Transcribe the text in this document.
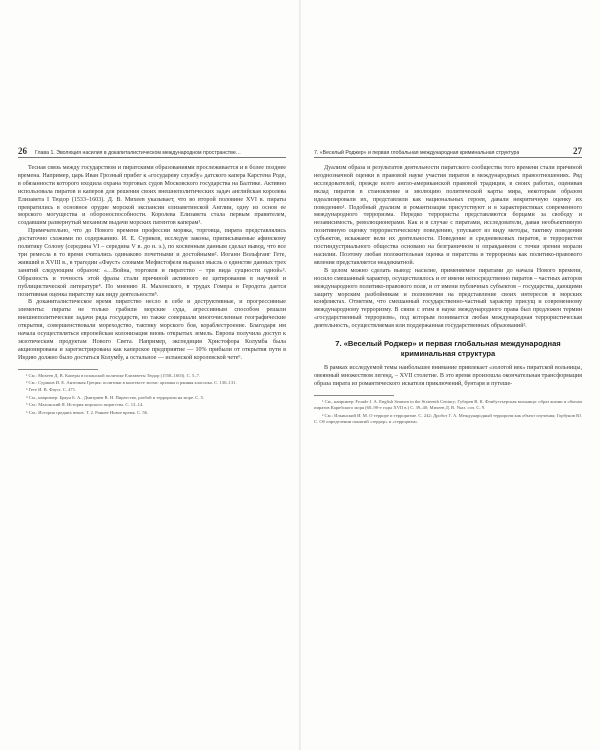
26 Глава 1. Эволюция насилия в докапиталистическом международном пространстве…

Тесная связь между государством и пиратскими образованиями прослеживается и в более позднее времена. Например, царь Иван Грозный прибег к «государеву службу» датского капера Карстена Роде, в обязанности которого входила охрана торговых судов Московского государства на Балтике. Активно использовала пиратов и каперов для решения своих внешнеполитических задач английская королева Елизавета I Тюдор (1533–1603). Д. В. Михеев указывает, что во второй половине XVI в. пираты превратились в основное орудие морской экспансии елизаветинской Англии, одну из основ ее морского могущества и обороноспособности. Королева Елизавета стала первым правителем, создавшим развернутый механизм выдачи морских патентов каперам¹.

Примечательно, что до Нового времени профессии моряка, торговца, пирата представлялись достаточно схожими по содержанию. И. Е. Суриков, исследуя законы, приписываемые афинскому политику Солону (середина VI – середина V в. до н. э.), по косвенным данным сделал вывод, что все три ремесла в то время считались одинаково почетными и достойными². Иоганн Вольфганг Гете, живший в XVIII в., в трагедии «Фауст» словами Мефистофеля выразил мысль о единстве данных трех занятий следующим образом: «…Война, торговля и пиратство – три вида сущности одной»³. Образность и точность этой фразы стали причиной активного ее цитирования в научной и публицистической литературе⁴. По мнению Я. Махонского, в трудах Гомера и Геродота дается позитивная оценка пиратству как виду деятельности⁵.

В доканиталистическое время пиратство несло в себе и деструктивные, и прогрессивные элементы: пираты не только грабили морские суда, агрессивным способом решали внешнеполитические задачи ряда государств, но также совершали многочисленные географические открытия, совершенствовали мореходство, тактику морского боя, кораблестроение. Благодаря им начала осуществляться европейская колонизация вновь открытых земель. Европа получила доступ к экзотическим продуктам Нового Света. Например, экспедиция Христофора Колумба была акционирована и зарегистрирована как каперское предприятие — 10% прибыли от открытия пути в Индию должно было достаться Колумбу, а остальное — испанской королевской чете⁶.

¹ См.: Михеев Д. В. Каперы в испанской политике Елизаветы Тюдор (1558–1603). С. 5–7.

² См.: Суриков И. Е. Античная Греция: политики в контексте эпохи: архаика и ранняя классика. С. 130–131.

³ Гете И. В. Фауст. С. 471.

⁴ См., например: Браун Б. А., Дмитриев В. Н. Пиратство, разбой и терроризм на море. С. 5.

⁵ См.: Махонский Я. История морского пиратства. С. 13–14.

⁶ См.: История средних веков. Т. 2. Раннее Новое время. С. 56.

7. «Веселый Роджер» и первая глобальная международная криминальная структура	27

Дуализм образа и результатов деятельности пиратского сообщества того времени стали причиной неоднозначной оценки в правовой науке участия пиратов в международных правоотношениях. Ряд исследователей, прежде всего англо-американской правовой традиции, в своих работах, оценивая вклад пиратов в становление и эволюцию политической карты мира, некоторым образом идеализировали их, представляли как национальных героев, давали некритичную оценку их поведению¹. Подобный дуализм и романтизация присутствуют и в характеристиках современного международного терроризма. Нередко террористы представляются борцами за свободу и независимость, революционерами. Как и в случае с пиратами, исследователи, давая необъективную позитивную оценку террористическому поведению, упускают из виду методы, тактику поведения субъектов, искажают вели их деятельности. Поведение и средневековых пиратов, и террористов постиндустриального общества основано на безграничном и оправданном с точки зрения морали насилии. Поэтому любая положительная оценка и пиратства и терроризма как политико-правового явления представляется неадекватной.

В целом можно сделать вывод: насилие, применяемое пиратами до начала Нового времени, носило смешанный характер, осуществлялось и от имени непосредственно пиратов – частных акторов международного политико-правового поля, и от имени публичных субъектов – государства, дающими защиту морским разбойникам и полномочия на представление своих интересов в морских конфликтах. Отметим, что смешанный государственно-частный характер присущ и современному международному терроризму. В связи с этим в науке международного права был предложен термин «государственный терроризм», под которым понимается любая международная террористическая деятельность, осуществляемая или поддержанная государственных образований².

7. «Веселый Роджер» и первая глобальная международная криминальная структура

В рамках исследуемой темы наибольшее внимание привлекает «золотой век» пиратской вольницы, овеянный множеством легенд, – XVII столетие. В это время произошла окончательная трансформация образа пирата из романтического искателя приключений, бунтаря и путеше-

¹ См., например: Froude J. A. English Seamen in the Sixteenth Century; Губарев В. К. Флибустьерская вольница: образ жизни и обычаи пиратов Карибского моря (60–90-е годы XVII в.) С. 39–40; Михеев Д. В. Указ. соч. С. 9.

² См.: Ильинский И. М. О терроре и терроризме. С. 242; Дробот Г. А. Международный терроризм как объект изучения; Горбунов Ю. С. Об определении понятий «террор» и «терроризм».
